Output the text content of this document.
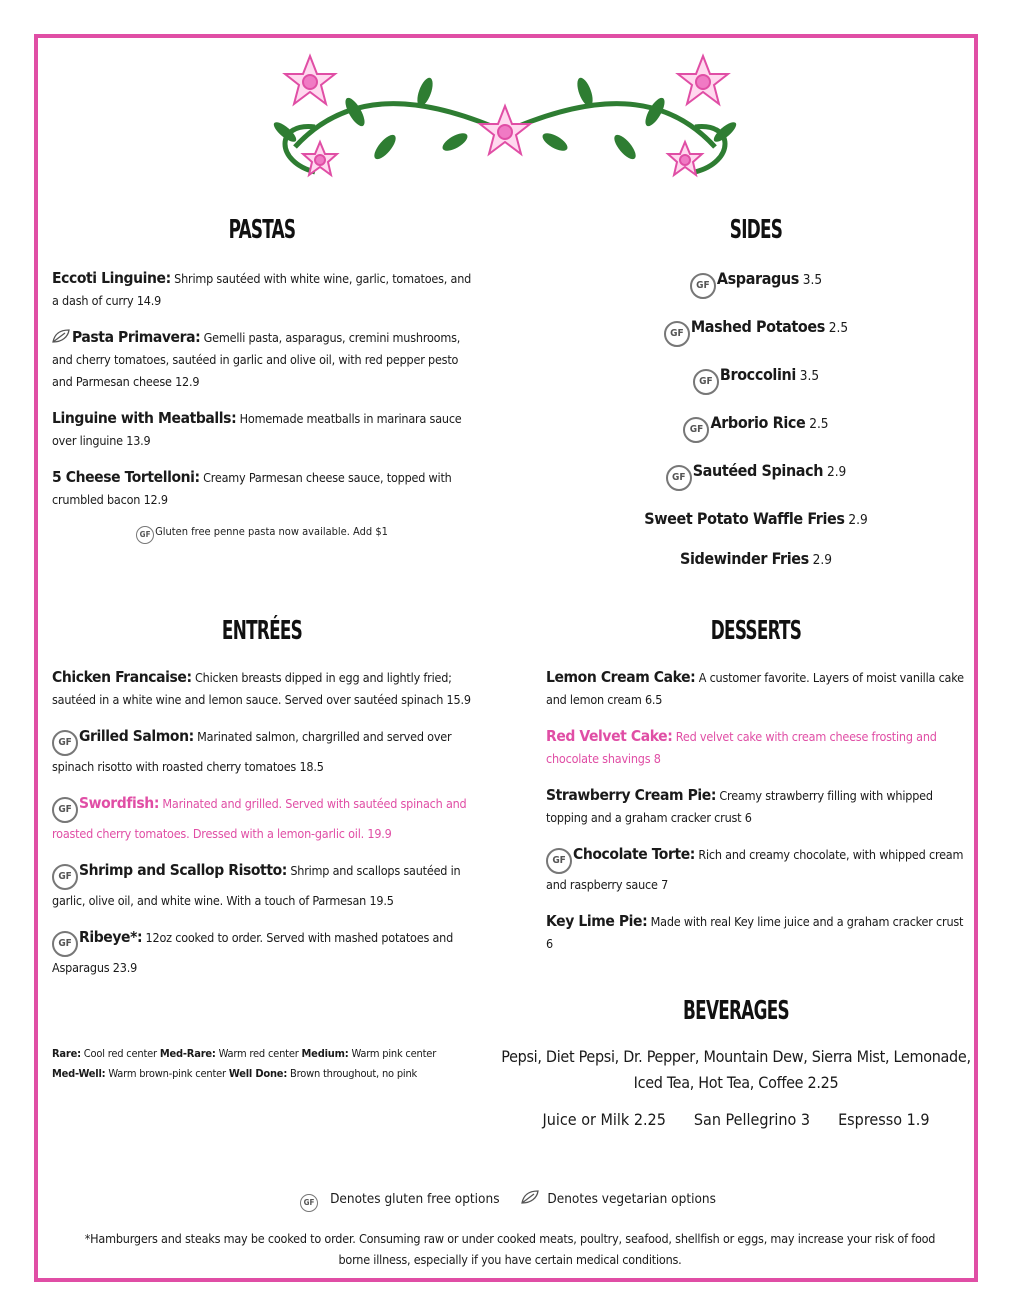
PASTAS
Eccoti Linguine: Shrimp sautéed with white wine, garlic, tomatoes, and a dash of curry 14.9
Pasta Primavera: Gemelli pasta, asparagus, cremini mushrooms, and cherry tomatoes, sautéed in garlic and olive oil, with red pepper pesto and Parmesan cheese 12.9
Linguine with Meatballs: Homemade meatballs in marinara sauce over linguine 13.9
5 Cheese Tortelloni: Creamy Parmesan cheese sauce, topped with crumbled bacon 12.9
GF Gluten free penne pasta now available. Add $1
SIDES
GF Asparagus 3.5
GF Mashed Potatoes 2.5
GF Broccolini 3.5
GF Arborio Rice 2.5
GF Sautéed Spinach 2.9
Sweet Potato Waffle Fries 2.9
Sidewinder Fries 2.9
ENTRÉES
Chicken Francaise: Chicken breasts dipped in egg and lightly fried; sautéed in a white wine and lemon sauce. Served over sautéed spinach 15.9
GF Grilled Salmon: Marinated salmon, chargrilled and served over spinach risotto with roasted cherry tomatoes 18.5
GF Swordfish: Marinated and grilled. Served with sautéed spinach and roasted cherry tomatoes. Dressed with a lemon-garlic oil. 19.9
GF Shrimp and Scallop Risotto: Shrimp and scallops sautéed in garlic, olive oil, and white wine. With a touch of Parmesan 19.5
GF Ribeye*: 12oz cooked to order. Served with mashed potatoes and Asparagus 23.9
Rare: Cool red center Med-Rare: Warm red center Medium: Warm pink center
Med-Well: Warm brown-pink center Well Done: Brown throughout, no pink
DESSERTS
Lemon Cream Cake: A customer favorite. Layers of moist vanilla cake and lemon cream 6.5
Red Velvet Cake: Red velvet cake with cream cheese frosting and chocolate shavings 8
Strawberry Cream Pie: Creamy strawberry filling with whipped topping and a graham cracker crust 6
GF Chocolate Torte: Rich and creamy chocolate, with whipped cream and raspberry sauce 7
Key Lime Pie: Made with real Key lime juice and a graham cracker crust 6
BEVERAGES
Pepsi, Diet Pepsi, Dr. Pepper, Mountain Dew, Sierra Mist, Lemonade, Iced Tea, Hot Tea, Coffee 2.25
Juice or Milk 2.25 San Pellegrino 3 Espresso 1.9
GF Denotes gluten free options	Denotes vegetarian options
*Hamburgers and steaks may be cooked to order. Consuming raw or under cooked meats, poultry, seafood, shellfish or eggs, may increase your risk of food borne illness, especially if you have certain medical conditions.
